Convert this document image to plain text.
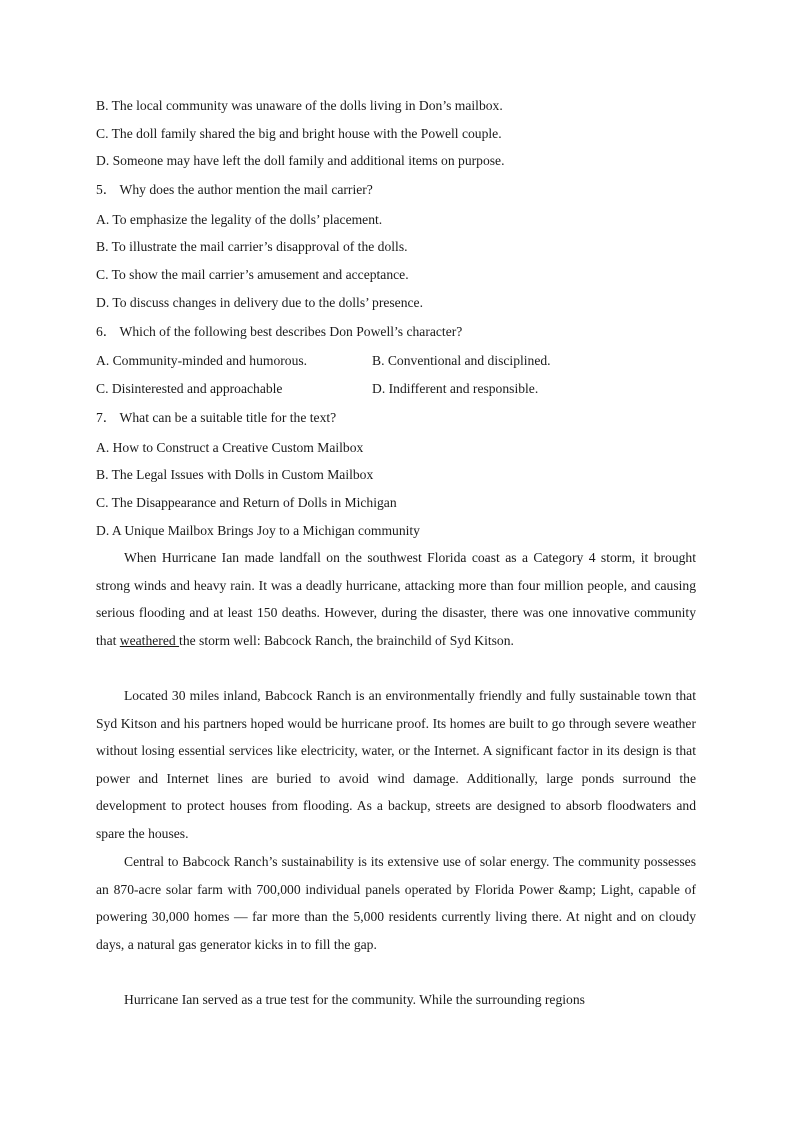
B. The local community was unaware of the dolls living in Don’s mailbox.
C. The doll family shared the big and bright house with the Powell couple.
D. Someone may have left the doll family and additional items on purpose.
5． Why does the author mention the mail carrier?
A. To emphasize the legality of the dolls’ placement.
B. To illustrate the mail carrier’s disapproval of the dolls.
C. To show the mail carrier’s amusement and acceptance.
D. To discuss changes in delivery due to the dolls’ presence.
6． Which of the following best describes Don Powell’s character?
A. Community-minded and humorous.	B. Conventional and disciplined.
C. Disinterested and approachable	D. Indifferent and responsible.
7． What can be a suitable title for the text?
A. How to Construct a Creative Custom Mailbox
B. The Legal Issues with Dolls in Custom Mailbox
C. The Disappearance and Return of Dolls in Michigan
D. A Unique Mailbox Brings Joy to a Michigan community
When Hurricane Ian made landfall on the southwest Florida coast as a Category 4 storm, it brought strong winds and heavy rain. It was a deadly hurricane, attacking more than four million people, and causing serious flooding and at least 150 deaths. However, during the disaster, there was one innovative community that weathered the storm well: Babcock Ranch, the brainchild of Syd Kitson.
Located 30 miles inland, Babcock Ranch is an environmentally friendly and fully sustainable town that Syd Kitson and his partners hoped would be hurricane proof. Its homes are built to go through severe weather without losing essential services like electricity, water, or the Internet. A significant factor in its design is that power and Internet lines are buried to avoid wind damage. Additionally, large ponds surround the development to protect houses from flooding. As a backup, streets are designed to absorb floodwaters and spare the houses.
Central to Babcock Ranch’s sustainability is its extensive use of solar energy. The community possesses an 870-acre solar farm with 700,000 individual panels operated by Florida Power &amp; Light, capable of powering 30,000 homes — far more than the 5,000 residents currently living there. At night and on cloudy days, a natural gas generator kicks in to fill the gap.
Hurricane Ian served as a true test for the community. While the surrounding regions
